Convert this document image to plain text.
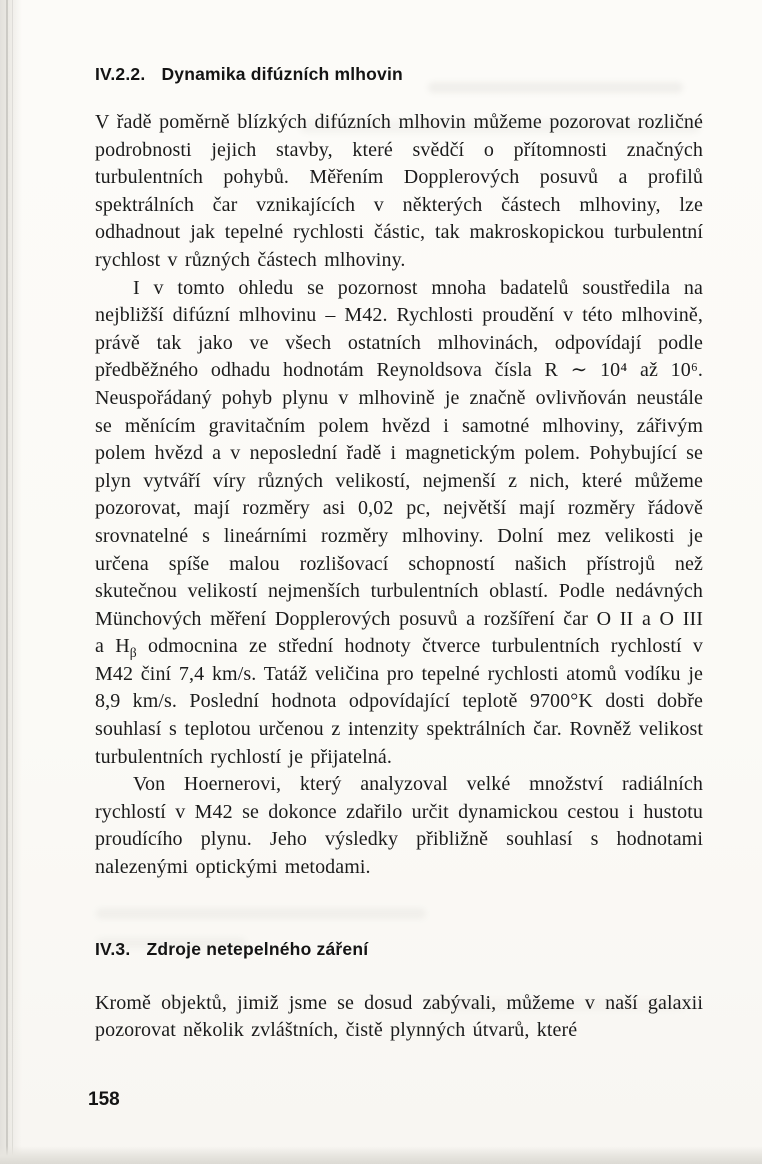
IV.2.2. Dynamika difúzních mlhovin

V řadě poměrně blízkých difúzních mlhovin můžeme pozorovat rozličné podrobnosti jejich stavby, které svědčí o přítomnosti značných turbulentních pohybů. Měřením Dopplerových posuvů a profilů spektrálních čar vznikajících v některých částech mlhoviny, lze odhadnout jak tepelné rychlosti částic, tak makroskopickou turbulentní rychlost v různých částech mlhoviny.

I v tomto ohledu se pozornost mnoha badatelů soustředila na nejbližší difúzní mlhovinu – M42. Rychlosti proudění v této mlhovině, právě tak jako ve všech ostatních mlhovinách, odpovídají podle předběžného odhadu hodnotám Reynoldsova čísla R ∼ 10⁴ až 10⁶. Neuspořádaný pohyb plynu v mlhovině je značně ovlivňován neustále se měnícím gravitačním polem hvězd i samotné mlhoviny, zářivým polem hvězd a v neposlední řadě i magnetickým polem. Pohybující se plyn vytváří víry různých velikostí, nejmenší z nich, které můžeme pozorovat, mají rozměry asi 0,02 pc, největší mají rozměry řádově srovnatelné s lineárními rozměry mlhoviny. Dolní mez velikosti je určena spíše malou rozlišovací schopností našich přístrojů než skutečnou velikostí nejmenších turbulentních oblastí. Podle nedávných Münchových měření Dopplerových posuvů a rozšíření čar O II a O III a $H_\beta$ odmocnina ze střední hodnoty čtverce turbulentních rychlostí v M42 činí 7,4 km/s. Tatáž veličina pro tepelné rychlosti atomů vodíku je 8,9 km/s. Poslední hodnota odpovídající teplotě 9700°K dosti dobře souhlasí s teplotou určenou z intenzity spektrálních čar. Rovněž velikost turbulentních rychlostí je přijatelná.

Von Hoernerovi, který analyzoval velké množství radiálních rychlostí v M42 se dokonce zdařilo určit dynamickou cestou i hustotu proudícího plynu. Jeho výsledky přibližně souhlasí s hodnotami nalezenými optickými metodami.

IV.3. Zdroje netepelného záření

Kromě objektů, jimiž jsme se dosud zabývali, můžeme v naší galaxii pozorovat několik zvláštních, čistě plynných útvarů, které

158
